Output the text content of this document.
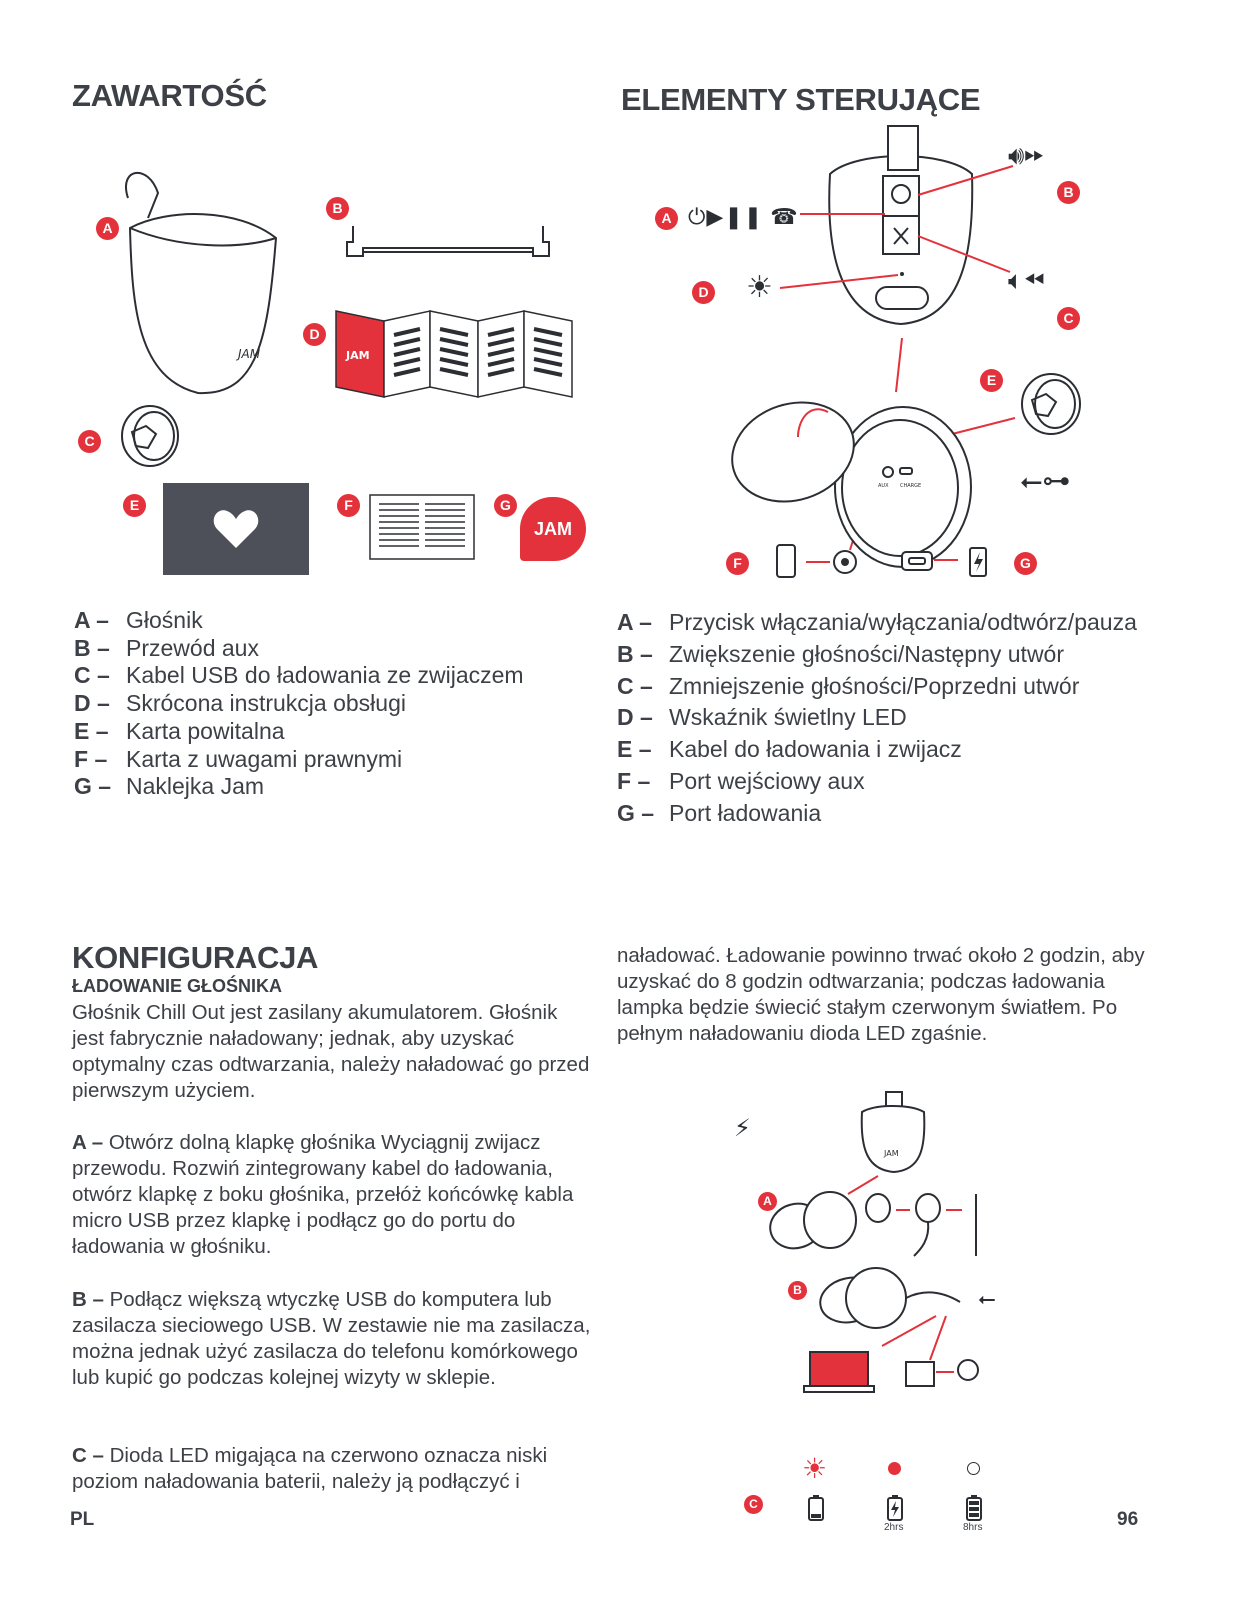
ZAWARTOŚĆ
JAM
A
B
JAM
D
C
E	F
JAM
G
A – Głośnik
B – Przewód aux
C – Kabel USB do ładowania ze zwijaczem
D – Skrócona instrukcja obsługi
E – Karta powitalna
F – Karta z uwagami prawnymi
G – Naklejka Jam
ELEMENTY STERUJĄCE
⏻▶❚❚ ☎
A
🔊︎⏩︎
B
🔈︎⏪︎
C
☀
D
AUX CHARGE
E
⭠⊶
F	G
A – Przycisk włączania/wyłączania/odtwórz/pauza
B – Zwiększenie głośności/Następny utwór
C – Zmniejszenie głośności/Poprzedni utwór
D – Wskaźnik świetlny LED
E – Kabel do ładowania i zwijacz
F – Port wejściowy aux
G – Port ładowania
KONFIGURACJA
ŁADOWANIE GŁOŚNIKA

Głośnik Chill Out jest zasilany akumulatorem. Głośnik jest fabrycznie naładowany; jednak, aby uzyskać optymalny czas odtwarzania, należy naładować go przed pierwszym użyciem.

A – Otwórz dolną klapkę głośnika Wyciągnij zwijacz przewodu. Rozwiń zintegrowany kabel do ładowania, otwórz klapkę z boku głośnika, przełóż końcówkę kabla micro USB przez klapkę i podłącz go do portu do ładowania w głośniku.

B – Podłącz większą wtyczkę USB do komputera lub zasilacza sieciowego USB. W zestawie nie ma zasilacza, można jednak użyć zasilacza do telefonu komórkowego lub kupić go podczas kolejnej wizyty w sklepie.

C – Dioda LED migająca na czerwono oznacza niski poziom naładowania baterii, należy ją podłączyć i

naładować. Ładowanie powinno trwać około 2 godzin, aby uzyskać do 8 godzin odtwarzania; podczas ładowania lampka będzie świecić stałym czerwonym światłem. Po pełnym naładowaniu dioda LED zgaśnie.

⚡︎
JAM
⭠
A
B
☀
2hrs	8hrs
C
PL	96
